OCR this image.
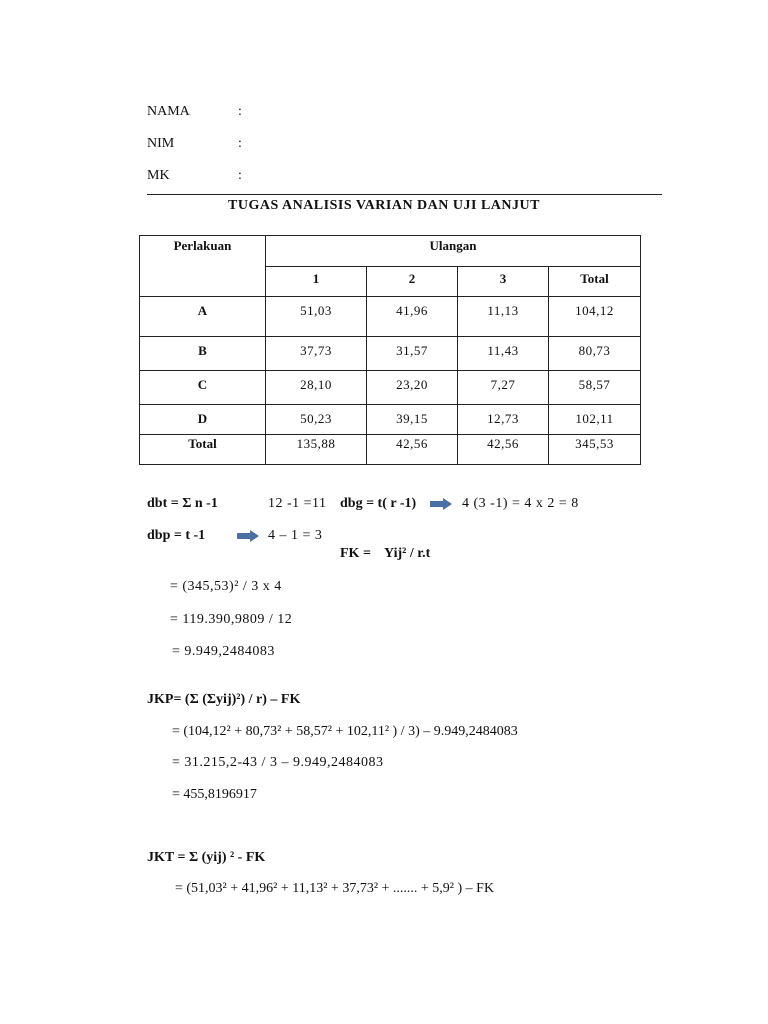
NAMA	:
NIM	:
MK	:
TUGAS ANALISIS VARIAN DAN UJI LANJUT
Perlakuan	Ulangan			
	1	2	3	Total
A	51,03	41,96	11,13	104,12
B	37,73	31,57	11,43	80,73
C	28,10	23,20	7,27	58,57
D	50,23	39,15	12,73	102,11
Total	135,88	42,56	42,56	345,53
dbt = Σ n -1	12 -1 =11 dbg = t( r -1)	4 (3 -1) = 4 x 2 = 8
dbp = t -1	4 – 1 = 3
FK = Yij² / r.t
= (345,53)² / 3 x 4
= 119.390,9809 / 12
= 9.949,2484083
JKP= (Σ (Σyij)²) / r) – FK
= (104,12² + 80,73² + 58,57² + 102,11² ) / 3) – 9.949,2484083
= 31.215,2-43 / 3 – 9.949,2484083
= 455,8196917
JKT = Σ (yij) ² - FK
= (51,03² + 41,96² + 11,13² + 37,73² + ....... + 5,9² ) – FK
